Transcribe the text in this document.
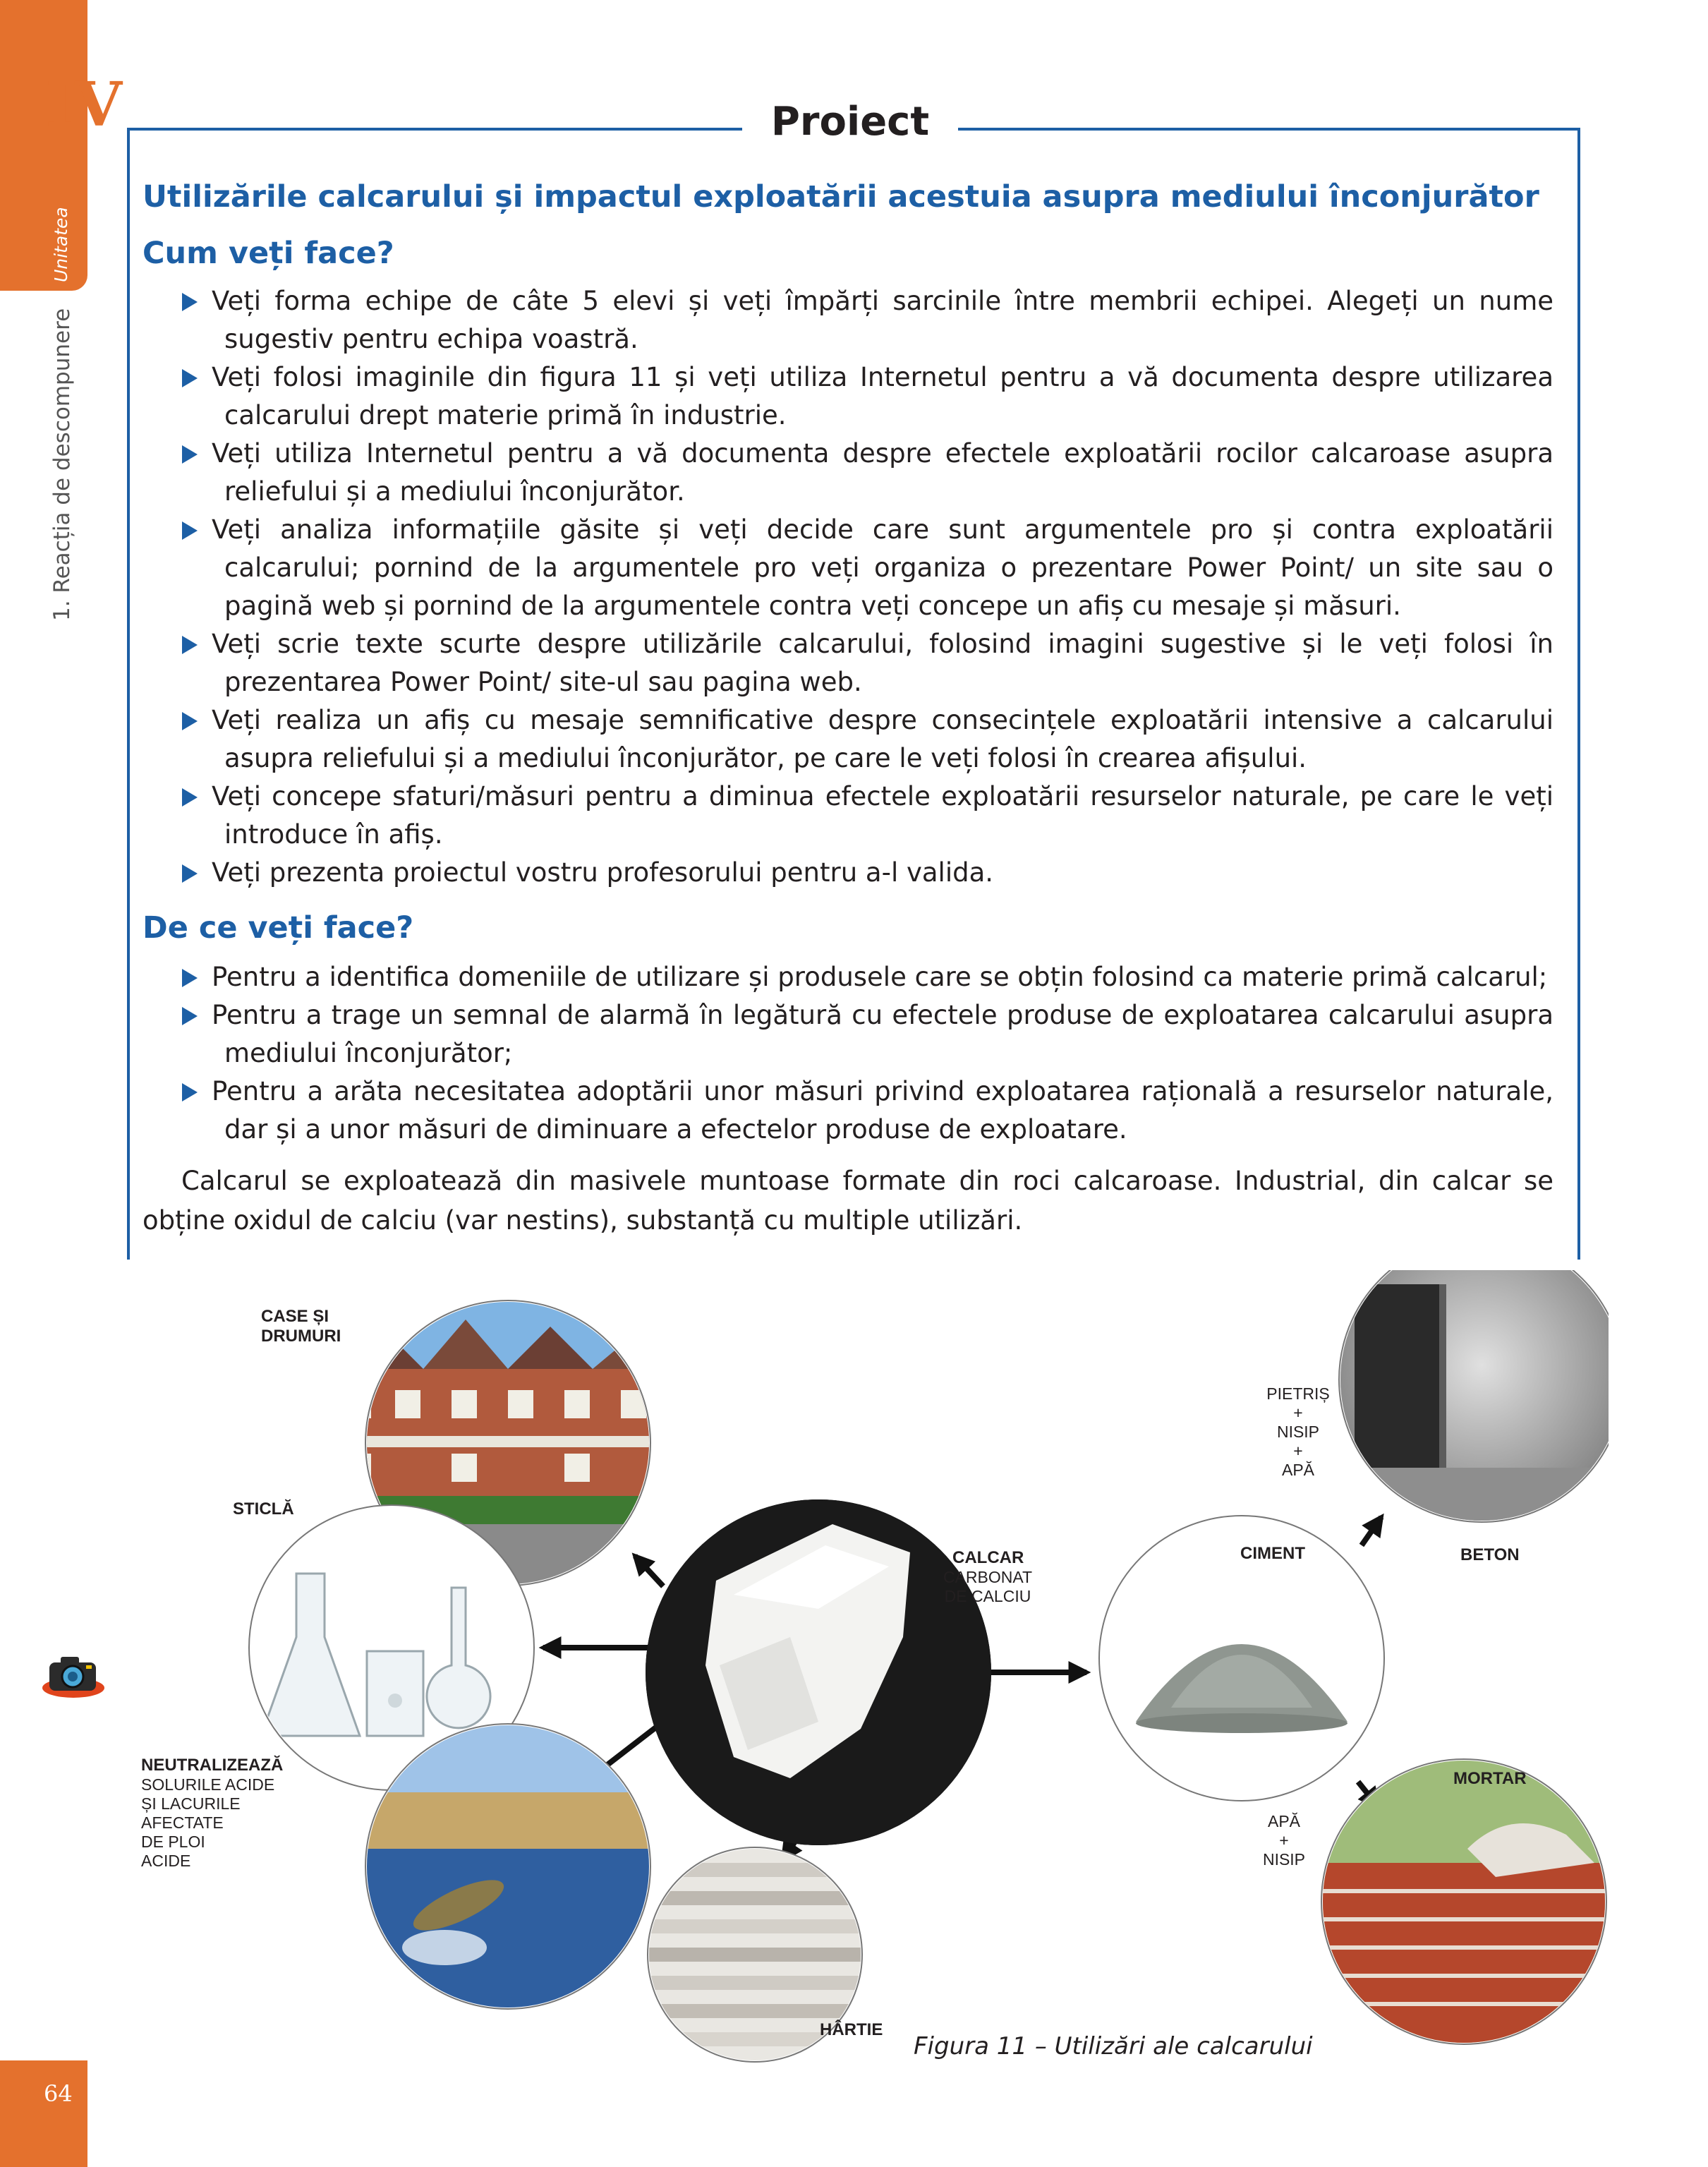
IV
Unitatea
1. Reacția de descompunere
64
Proiect
Utilizările calcarului și impactul exploatării acestuia asupra mediului înconjurător
Cum veți face?
Veți forma echipe de câte 5 elevi și veți împărți sarcinile între membrii echipei. Alegeți un nume sugestiv pentru echipa voastră.
Veți folosi imaginile din figura 11 și veți utiliza Internetul pentru a vă documenta despre utilizarea calcarului drept materie primă în industrie.
Veți utiliza Internetul pentru a vă documenta despre efectele exploatării rocilor calcaroase asupra reliefului și a mediului înconjurător.
Veți analiza informațiile găsite și veți decide care sunt argumentele pro și contra exploatării calcarului; pornind de la argumentele pro veți organiza o prezentare Power Point/ un site sau o pagină web și pornind de la argumentele contra veți concepe un afiș cu mesaje și măsuri.
Veți scrie texte scurte despre utilizările calcarului, folosind imagini sugestive și le veți folosi în prezentarea Power Point/ site-ul sau pagina web.
Veți realiza un afiș cu mesaje semnificative despre consecințele exploatării intensive a calcarului asupra reliefului și a mediului înconjurător, pe care le veți folosi în crearea afișului.
Veți concepe sfaturi/măsuri pentru a diminua efectele exploatării resurselor naturale, pe care le veți introduce în afiș.
Veți prezenta proiectul vostru profesorului pentru a-l valida.
De ce veți face?
Pentru a identifica domeniile de utilizare și produsele care se obțin folosind ca materie primă calcarul;
Pentru a trage un semnal de alarmă în legătură cu efectele produse de exploatarea calcarului asupra mediului înconjurător;
Pentru a arăta necesitatea adoptării unor măsuri privind exploatarea rațională a resurselor naturale, dar și a unor măsuri de diminuare a efectelor produse de exploatare.

Calcarul se exploatează din masivele muntoase formate din roci calcaroase. Industrial, din calcar se obține oxidul de calciu (var nestins), substanță cu multiple utilizări.

CASE ȘI
DRUMURI
STICLĂ
NEUTRALIZEAZĂ
SOLURILE ACIDE
ȘI LACURILE
AFECTATE
DE PLOI
ACIDE
HÂRTIE
CALCAR
CARBONAT
DE CALCIU
CIMENT	BETON
MORTAR
PIETRIȘ
+
NISIP
+
APĂ
APĂ
+
NISIP
Figura 11 – Utilizări ale calcarului
